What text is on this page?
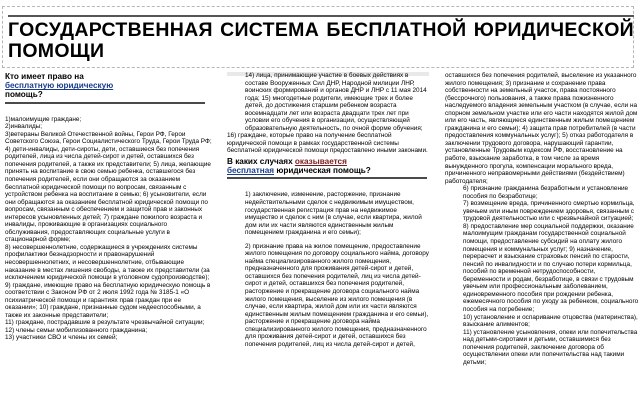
ГОСУДАРСТВЕННАЯ СИСТЕМА БЕСПЛАТНОЙ ЮРИДИЧЕСКОЙ ПОМОЩИ
Кто имеет право на
бесплатную юридическую
помощь?

1)малоимущие граждане;

2)инвалиды;

3)ветераны Великой Отечественной войны, Герои РФ, Герои Советского Союза, Герои Социалистического Труда, Герои Труда РФ; 4) дети-инвалиды, дети-сироты, дети, оставшиеся без попечения родителей, лица из числа детей-сирот и детей, оставшихся без попечения родителей, а также их представители; 5) лица, желающие принять на воспитание в свою семью ребенка, оставшегося без попечения родителей, если они обращаются за оказанием бесплатной юридической помощи по вопросам, связанным с устройством ребенка на воспитание в семью; 6) усыновители, если они обращаются за оказанием бесплатной юридической помощи по вопросам, связанным с обеспечением и защитой прав и законных интересов усыновленных детей; 7) граждане пожилого возраста и инвалиды, проживающие в организациях социального обслуживания, предоставляющих социальные услуги в стационарной форме;

8) несовершеннолетние, содержащиеся в учреждениях системы профилактики безнадзорности и правонарушений несовершеннолетних, и несовершеннолетние, отбывающие наказание в местах лишения свободы, а также их представители (за исключением юридической помощи в уголовном судопроизводстве); 9) граждане, имеющие право на бесплатную юридическую помощь в соответствии с Законом РФ от 2 июля 1992 года № 3185-1 «О психиатрической помощи и гарантиях прав граждан при ее оказании»; 10) граждане, признанные судом недееспособными, а также их законные представители;

11) граждане, пострадавшие в результате чрезвычайной ситуации;

12) члены семьи мобилизованного гражданина;

13) участники СВО и члены их семей;

14) лица, принимающие участие в боевых действиях в составе Вооруженных Сил ДНР, Народной милиции ЛНР, воинских формирований и органов ДНР и ЛНР с 11 мая 2014 года; 15) многодетные родители, имеющие трех и более детей, до достижения старшим ребенком возраста восемнадцати лет или возраста двадцати трех лет при условии его обучения в организации, осуществляющей образовательную деятельность, по очной форме обучения;

16) граждане, которые право на получение бесплатной юридической помощи в рамках государственной системы бесплатной юридической помощи предоставлено иными законами.

В каких случаях оказывается
бесплатная юридическая помощь?

1) заключение, изменение, расторжение, признание недействительными сделок с недвижимым имуществом, государственная регистрация прав на недвижимое имущество и сделок с ним (в случае, если квартира, жилой дом или их части являются единственным жилым помещением гражданина и его семьи);

2) признание права на жилое помещение, предоставление жилого помещения по договору социального найма, договору найма специализированного жилого помещения, предназначенного для проживания детей-сирот и детей, оставшихся без попечения родителей, лиц из числа детей-сирот и детей, оставшихся без попечения родителей, расторжение и прекращение договора социального найма жилого помещения, выселение из жилого помещения (в случае, если квартира, жилой дом или их части являются единственным жилым помещением гражданина и его семьи), расторжение и прекращение договора найма специализированного жилого помещения, предназначенного для проживания детей-сирот и детей, оставшихся без попечения родителей, лиц из числа детей-сирот и детей,

оставшихся без попечения родителей, выселение из указанного жилого помещения; 3) признание и сохранение права собственности на земельный участок, права постоянного (бессрочного) пользования, а также права пожизненного наследуемого владения земельным участком (в случае, если на спорном земельном участке или его части находятся жилой дом или его часть, являющиеся единственным жилым помещением гражданина и его семьи); 4) защита прав потребителей (в части предоставления коммунальных услуг); 5) отказ работодателя в заключении трудового договора, нарушающий гарантии, установленные Трудовым кодексом РФ, восстановление на работе, взыскание заработка, в том числе за время вынужденного прогула, компенсации морального вреда, причиненного неправомерными действиями (бездействием) работодателя;

6) признание гражданина безработным и установление пособия по безработице;

7) возмещение вреда, причиненного смертью кормильца, увечьем или иным повреждением здоровья, связанным с трудовой деятельностью или с чрезвычайной ситуацией;

8) предоставление мер социальной поддержки, оказание малоимущим гражданам государственной социальной помощи, предоставление субсидий на оплату жилого помещения и коммунальных услуг; 9) назначение, перерасчет и взыскание страховых пенсий по старости, пенсий по инвалидности и по случаю потери кормильца, пособий по временной нетрудоспособности, беременности и родам, безработице, в связи с трудовым увечьем или профессиональным заболеванием, единовременного пособия при рождении ребенка, ежемесячного пособия по уходу за ребенком, социального пособия на погребение;

10) установление и оспаривание отцовства (материнства), взыскание алиментов;

11) установление усыновления, опеки или попечительства над детьми-сиротами и детьми, оставшимися без попечения родителей, заключение договора об осуществлении опеки или попечительства над такими детьми;
